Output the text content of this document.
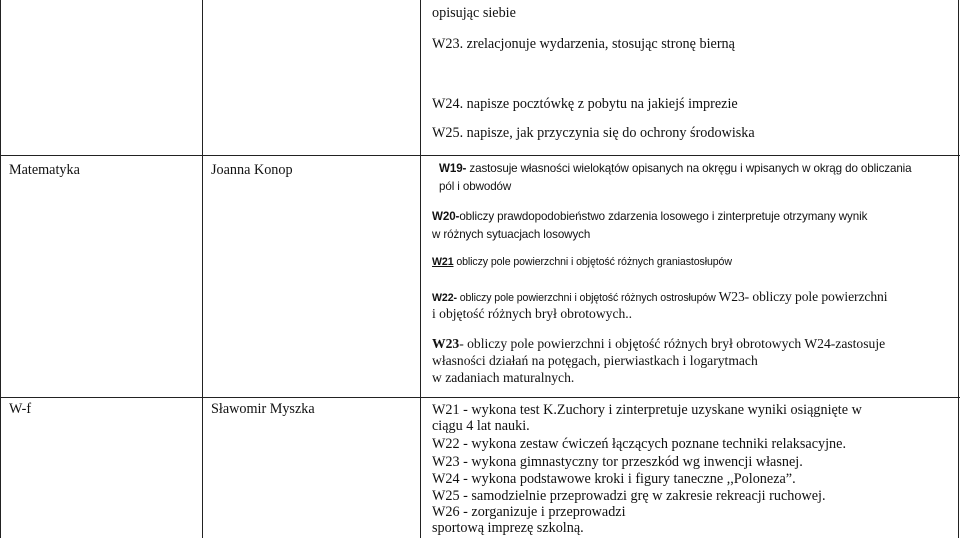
opisując siebie
W23. zrelacjonuje wydarzenia, stosując stronę bierną
W24. napisze pocztówkę z pobytu na jakiejś imprezie
W25. napisze, jak przyczynia się do ochrony środowiska
Matematyka	Joanna Konop	W19- zastosuje własności wielokątów opisanych na okręgu i wpisanych w okrąg do obliczania
pól i obwodów
W20-obliczy prawdopodobieństwo zdarzenia losowego i zinterpretuje otrzymany wynik
w różnych sytuacjach losowych
W21 obliczy pole powierzchni i objętość różnych graniastosłupów
W22- obliczy pole powierzchni i objętość różnych ostrosłupów W23- obliczy pole powierzchni
i objętość różnych brył obrotowych..
W23- obliczy pole powierzchni i objętość różnych brył obrotowych W24-zastosuje
własności działań na potęgach, pierwiastkach i logarytmach
w zadaniach maturalnych.
W-f	Sławomir Myszka	W21 - wykona test K.Zuchory i zinterpretuje uzyskane wyniki osiągnięte w
ciągu 4 lat nauki.
W22 - wykona zestaw ćwiczeń łączących poznane techniki relaksacyjne.
W23 - wykona gimnastyczny tor przeszkód wg inwencji własnej.
W24 - wykona podstawowe kroki i figury taneczne ,,Poloneza”.
W25 - samodzielnie przeprowadzi grę w zakresie rekreacji ruchowej.
W26 - zorganizuje i przeprowadzi
sportową imprezę szkolną.
